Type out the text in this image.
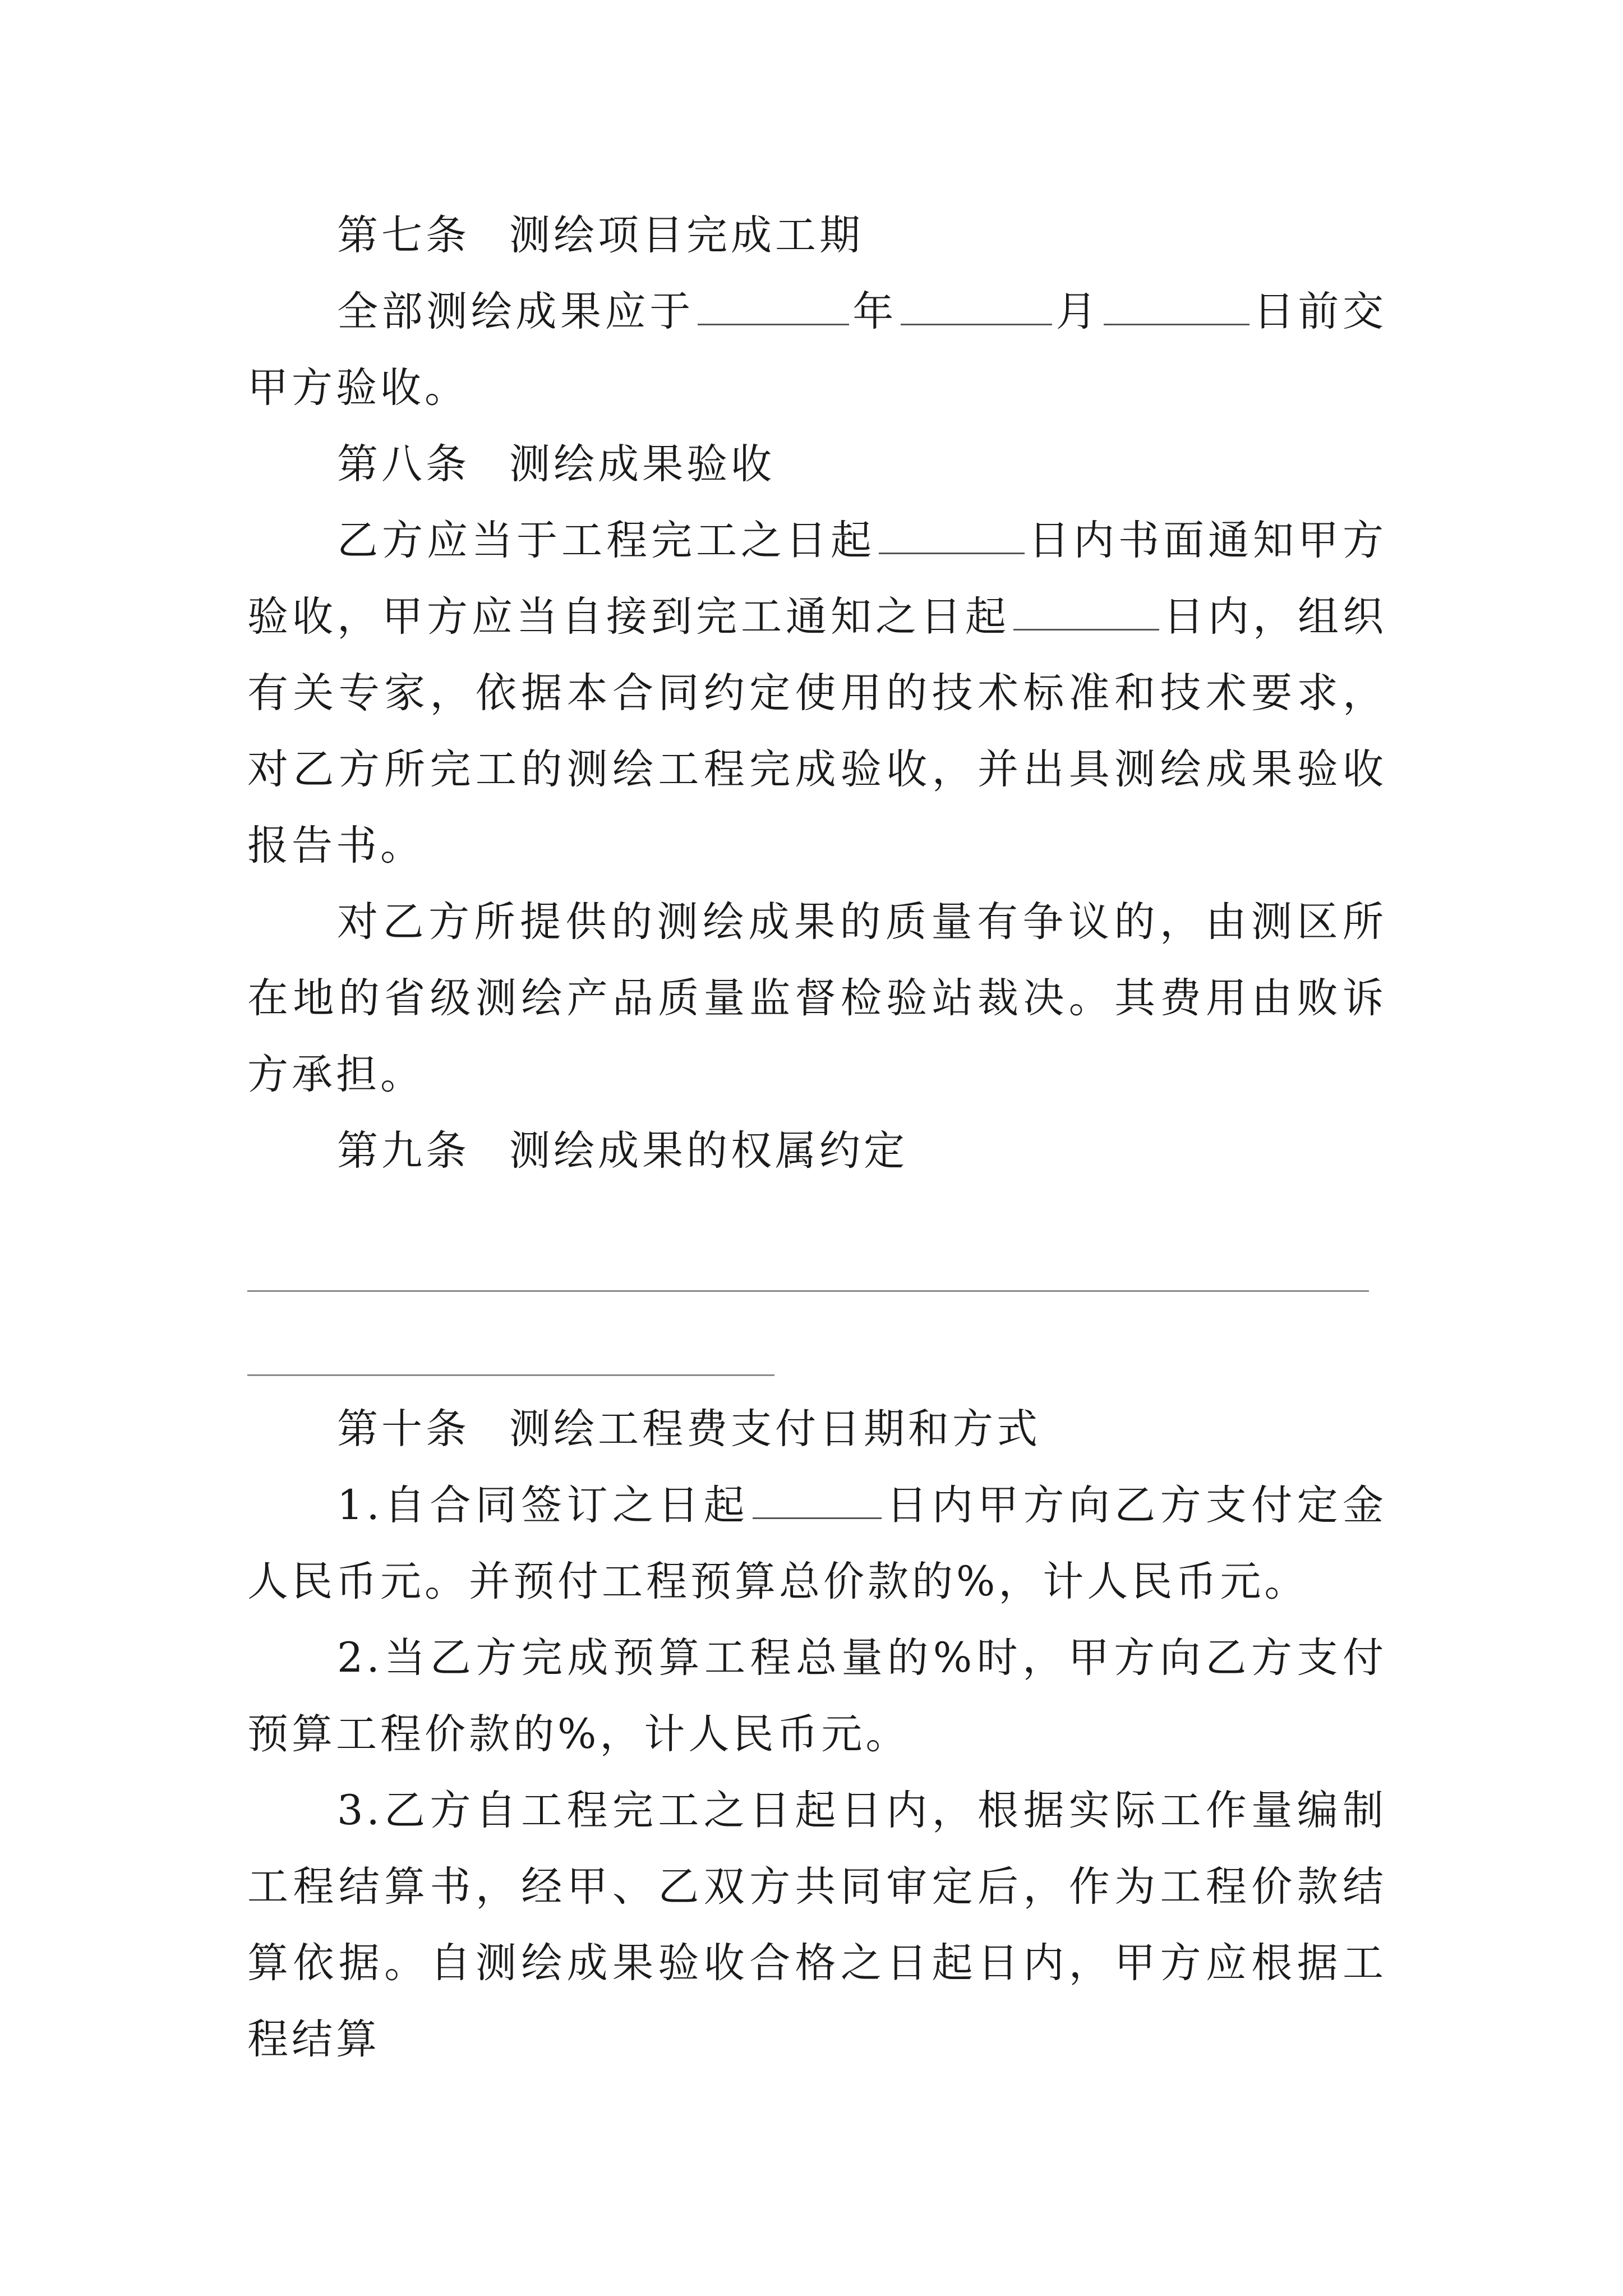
第七条 测绘项目完成工期

全部测绘成果应于	年	月	日前交甲方验收。

第八条 测绘成果验收

乙方应当于工程完工之日起	日内书面通知甲方验收，甲方应当自接到完工通知之日起	日内，组织有关专家，依据本合同约定使用的技术标准和技术要求，对乙方所完工的测绘工程完成验收，并出具测绘成果验收报告书。

对乙方所提供的测绘成果的质量有争议的，由测区所在地的省级测绘产品质量监督检验站裁决。其费用由败诉方承担。

第九条 测绘成果的权属约定

第十条 测绘工程费支付日期和方式

1.自合同签订之日起	日内甲方向乙方支付定金人民币元。并预付工程预算总价款的%，计人民币元。

2.当乙方完成预算工程总量的%时，甲方向乙方支付预算工程价款的%，计人民币元。

3.乙方自工程完工之日起日内，根据实际工作量编制工程结算书，经甲、乙双方共同审定后，作为工程价款结算依据。自测绘成果验收合格之日起日内，甲方应根据工程结算
